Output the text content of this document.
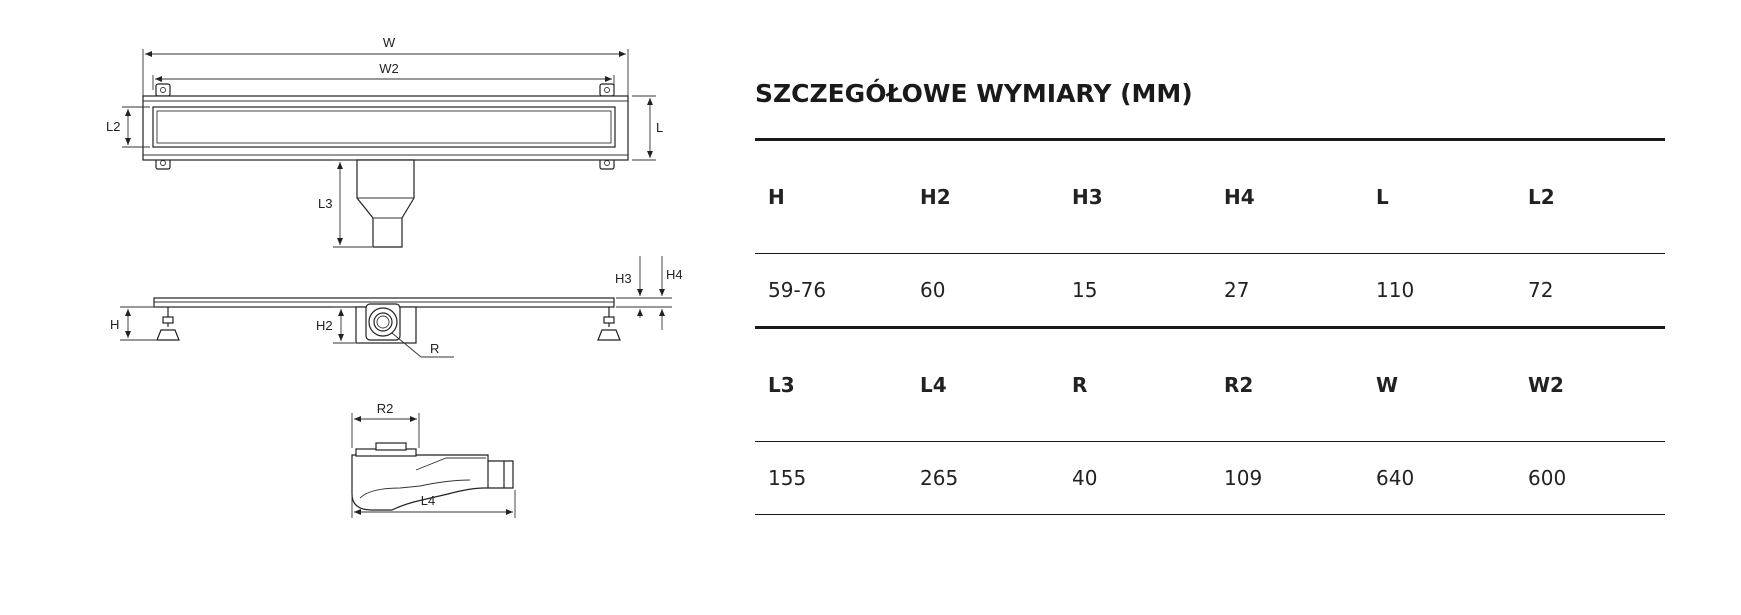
W
W2
L
L2
L3
R
H	H2
H3	H4
R2
L4
SZCZEGÓŁOWE WYMIARY (MM)
H	H2	H3	H4	L	L2
59-76	60	15	27	110	72
L3	L4	R	R2	W	W2
155	265	40	109	640	600
